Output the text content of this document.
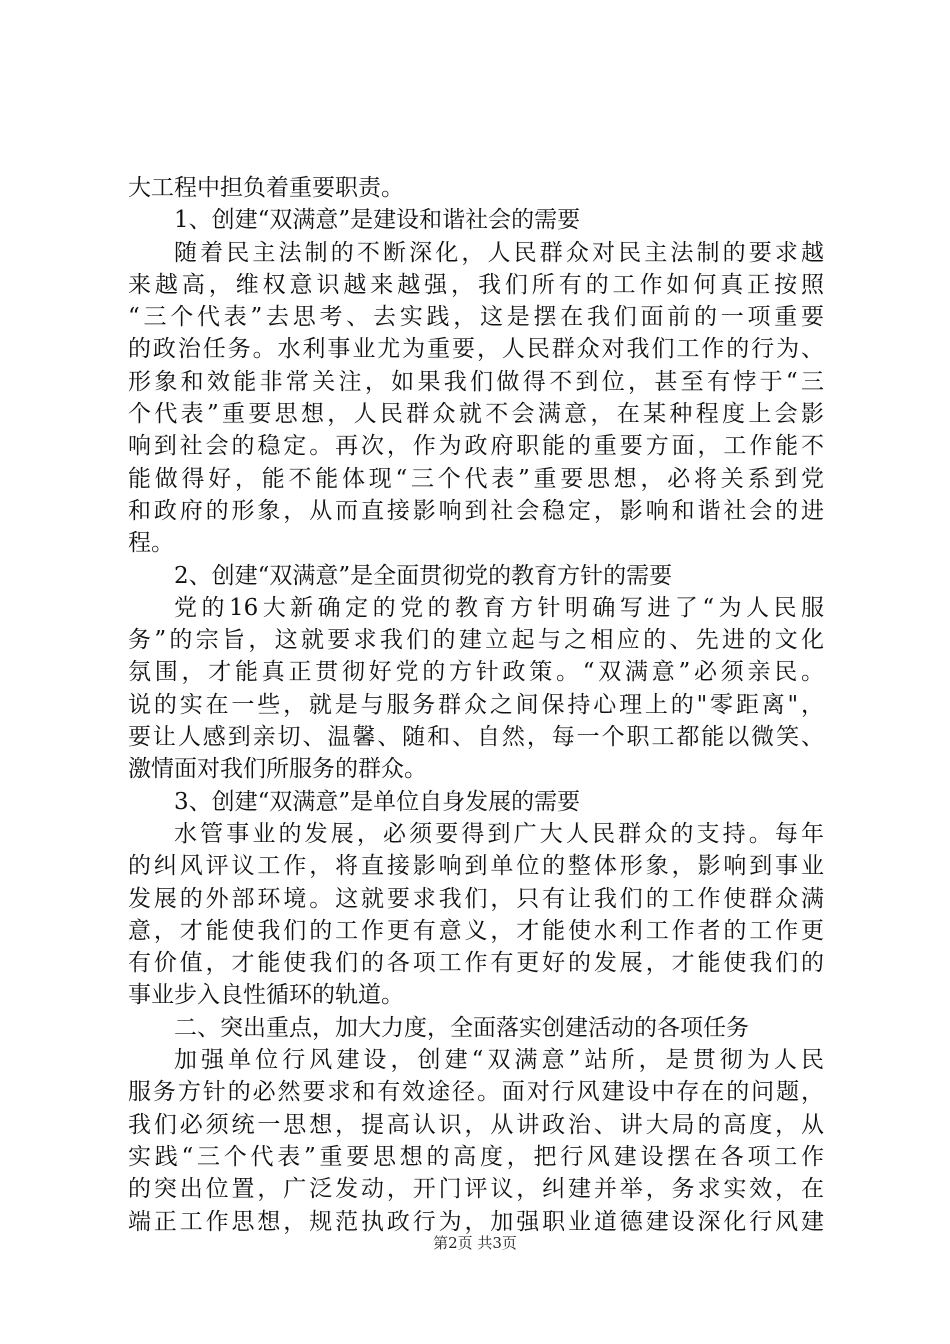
大工程中担负着重要职责。
1、创建“双满意”是建设和谐社会的需要
随着民主法制的不断深化，人民群众对民主法制的要求越
来越高，维权意识越来越强，我们所有的工作如何真正按照
“三个代表”去思考、去实践，这是摆在我们面前的一项重要
的政治任务。水利事业尤为重要，人民群众对我们工作的行为、
形象和效能非常关注，如果我们做得不到位，甚至有悖于“三
个代表”重要思想，人民群众就不会满意，在某种程度上会影
响到社会的稳定。再次，作为政府职能的重要方面，工作能不
能做得好，能不能体现“三个代表”重要思想，必将关系到党
和政府的形象，从而直接影响到社会稳定，影响和谐社会的进
程。
2、创建“双满意”是全面贯彻党的教育方针的需要
党的16大新确定的党的教育方针明确写进了“为人民服
务”的宗旨，这就要求我们的建立起与之相应的、先进的文化
氛围，才能真正贯彻好党的方针政策。“双满意”必须亲民。
说的实在一些，就是与服务群众之间保持心理上的"零距离"，
要让人感到亲切、温馨、随和、自然，每一个职工都能以微笑、
激情面对我们所服务的群众。
3、创建“双满意”是单位自身发展的需要
水管事业的发展，必须要得到广大人民群众的支持。每年
的纠风评议工作，将直接影响到单位的整体形象，影响到事业
发展的外部环境。这就要求我们，只有让我们的工作使群众满
意，才能使我们的工作更有意义，才能使水利工作者的工作更
有价值，才能使我们的各项工作有更好的发展，才能使我们的
事业步入良性循环的轨道。
二、突出重点，加大力度，全面落实创建活动的各项任务
加强单位行风建设，创建“双满意”站所，是贯彻为人民
服务方针的必然要求和有效途径。面对行风建设中存在的问题，
我们必须统一思想，提高认识，从讲政治、讲大局的高度，从
实践“三个代表”重要思想的高度，把行风建设摆在各项工作
的突出位置，广泛发动，开门评议，纠建并举，务求实效，在
端正工作思想，规范执政行为，加强职业道德建设深化行风建
第2页 共3页
